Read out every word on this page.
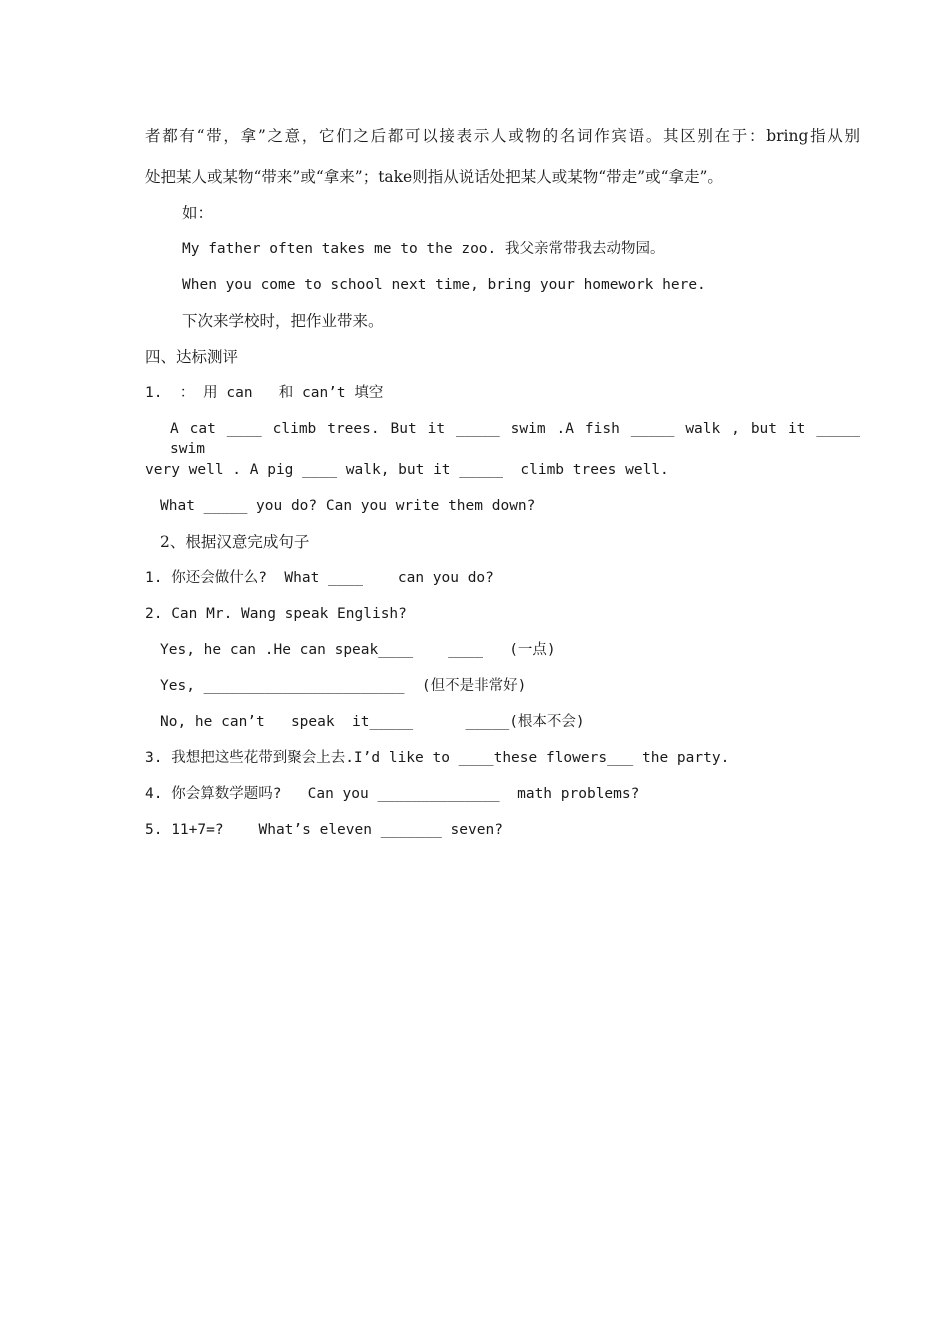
者都有“带，拿”之意，它们之后都可以接表示人或物的名词作宾语。其区别在于：bring指从别
处把某人或某物“带来”或“拿来”；take则指从说话处把某人或某物“带走”或“拿走”。
如：
My father often takes me to the zoo. 我父亲常带我去动物园。
When you come to school next time, bring your homework here.
下次来学校时，把作业带来。
四、达标测评
1.  ： 用 can   和 can’t 填空
A cat ____ climb trees. But it _____ swim .A fish _____ walk , but it _____ swim
very well . A pig ____ walk, but it _____  climb trees well.
What _____ you do? Can you write them down?
2、根据汉意完成句子
1. 你还会做什么?  What ____    can you do?
2. Can Mr. Wang speak English?
Yes, he can .He can speak____    ____   (一点)
Yes, _______________________  (但不是非常好)
No, he can’t   speak  it_____      _____(根本不会)
3. 我想把这些花带到聚会上去.I’d like to ____these flowers___ the party.
4. 你会算数学题吗?   Can you ______________  math problems?
5. 11+7=?    What’s eleven _______ seven?
